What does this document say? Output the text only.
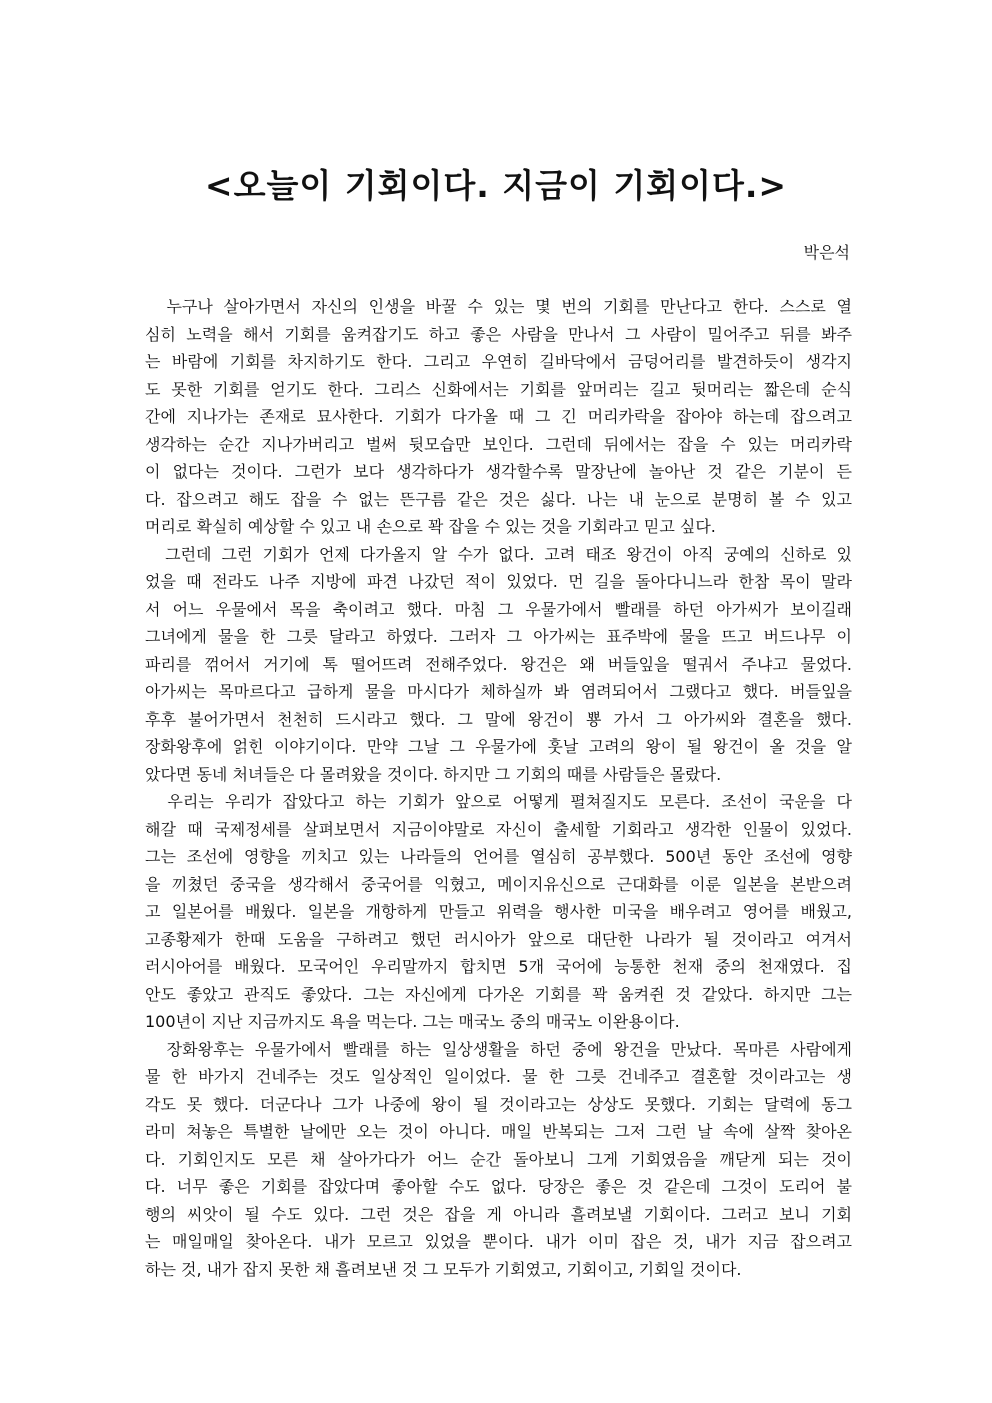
<오늘이 기회이다. 지금이 기회이다.>
박은석
누구나 살아가면서 자신의 인생을 바꿀 수 있는 몇 번의 기회를 만난다고 한다. 스스로 열
심히 노력을 해서 기회를 움켜잡기도 하고 좋은 사람을 만나서 그 사람이 밀어주고 뒤를 봐주
는 바람에 기회를 차지하기도 한다. 그리고 우연히 길바닥에서 금덩어리를 발견하듯이 생각지
도 못한 기회를 얻기도 한다. 그리스 신화에서는 기회를 앞머리는 길고 뒷머리는 짧은데 순식
간에 지나가는 존재로 묘사한다. 기회가 다가올 때 그 긴 머리카락을 잡아야 하는데 잡으려고
생각하는 순간 지나가버리고 벌써 뒷모습만 보인다. 그런데 뒤에서는 잡을 수 있는 머리카락
이 없다는 것이다. 그런가 보다 생각하다가 생각할수록 말장난에 놀아난 것 같은 기분이 든
다. 잡으려고 해도 잡을 수 없는 뜬구름 같은 것은 싫다. 나는 내 눈으로 분명히 볼 수 있고
머리로 확실히 예상할 수 있고 내 손으로 꽉 잡을 수 있는 것을 기회라고 믿고 싶다.
그런데 그런 기회가 언제 다가올지 알 수가 없다. 고려 태조 왕건이 아직 궁예의 신하로 있
었을 때 전라도 나주 지방에 파견 나갔던 적이 있었다. 먼 길을 돌아다니느라 한참 목이 말라
서 어느 우물에서 목을 축이려고 했다. 마침 그 우물가에서 빨래를 하던 아가씨가 보이길래
그녀에게 물을 한 그릇 달라고 하였다. 그러자 그 아가씨는 표주박에 물을 뜨고 버드나무 이
파리를 꺾어서 거기에 톡 떨어뜨려 전해주었다. 왕건은 왜 버들잎을 떨궈서 주냐고 물었다.
아가씨는 목마르다고 급하게 물을 마시다가 체하실까 봐 염려되어서 그랬다고 했다. 버들잎을
후후 불어가면서 천천히 드시라고 했다. 그 말에 왕건이 뿅 가서 그 아가씨와 결혼을 했다.
장화왕후에 얽힌 이야기이다. 만약 그날 그 우물가에 훗날 고려의 왕이 될 왕건이 올 것을 알
았다면 동네 처녀들은 다 몰려왔을 것이다. 하지만 그 기회의 때를 사람들은 몰랐다.
우리는 우리가 잡았다고 하는 기회가 앞으로 어떻게 펼쳐질지도 모른다. 조선이 국운을 다
해갈 때 국제정세를 살펴보면서 지금이야말로 자신이 출세할 기회라고 생각한 인물이 있었다.
그는 조선에 영향을 끼치고 있는 나라들의 언어를 열심히 공부했다. 500년 동안 조선에 영향
을 끼쳤던 중국을 생각해서 중국어를 익혔고, 메이지유신으로 근대화를 이룬 일본을 본받으려
고 일본어를 배웠다. 일본을 개항하게 만들고 위력을 행사한 미국을 배우려고 영어를 배웠고,
고종황제가 한때 도움을 구하려고 했던 러시아가 앞으로 대단한 나라가 될 것이라고 여겨서
러시아어를 배웠다. 모국어인 우리말까지 합치면 5개 국어에 능통한 천재 중의 천재였다. 집
안도 좋았고 관직도 좋았다. 그는 자신에게 다가온 기회를 꽉 움켜쥔 것 같았다. 하지만 그는
100년이 지난 지금까지도 욕을 먹는다. 그는 매국노 중의 매국노 이완용이다.
장화왕후는 우물가에서 빨래를 하는 일상생활을 하던 중에 왕건을 만났다. 목마른 사람에게
물 한 바가지 건네주는 것도 일상적인 일이었다. 물 한 그릇 건네주고 결혼할 것이라고는 생
각도 못 했다. 더군다나 그가 나중에 왕이 될 것이라고는 상상도 못했다. 기회는 달력에 동그
라미 쳐놓은 특별한 날에만 오는 것이 아니다. 매일 반복되는 그저 그런 날 속에 살짝 찾아온
다. 기회인지도 모른 채 살아가다가 어느 순간 돌아보니 그게 기회였음을 깨닫게 되는 것이
다. 너무 좋은 기회를 잡았다며 좋아할 수도 없다. 당장은 좋은 것 같은데 그것이 도리어 불
행의 씨앗이 될 수도 있다. 그런 것은 잡을 게 아니라 흘려보낼 기회이다. 그러고 보니 기회
는 매일매일 찾아온다. 내가 모르고 있었을 뿐이다. 내가 이미 잡은 것, 내가 지금 잡으려고
하는 것, 내가 잡지 못한 채 흘려보낸 것 그 모두가 기회였고, 기회이고, 기회일 것이다.
